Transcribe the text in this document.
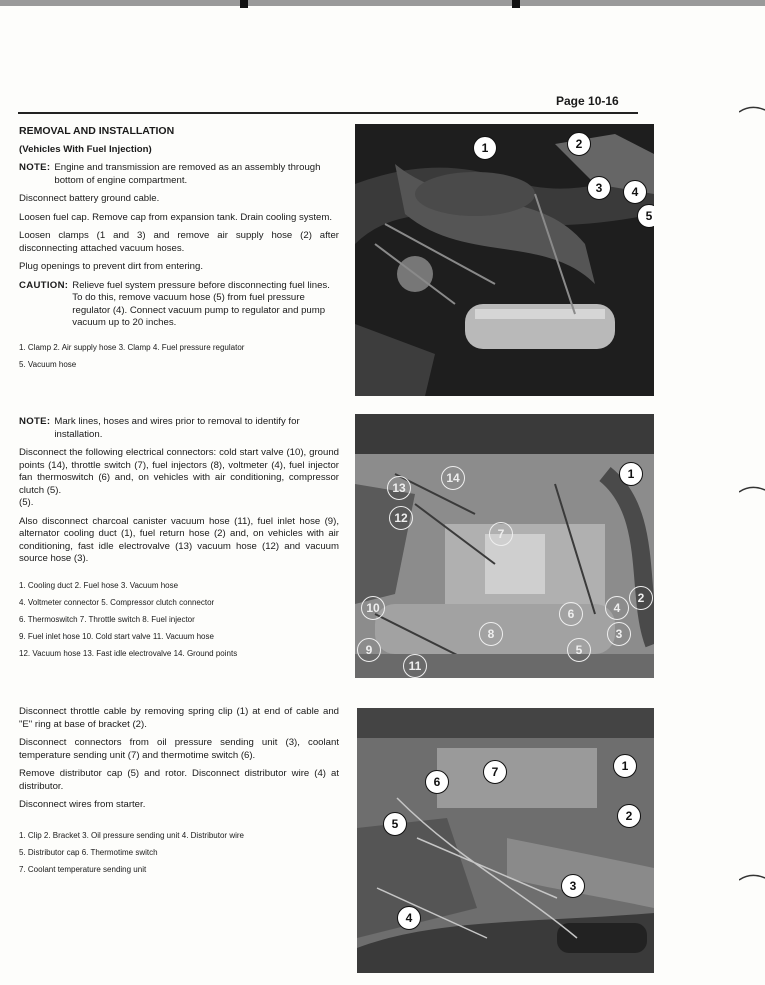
Page 10-16

REMOVAL AND INSTALLATION

(Vehicles With Fuel Injection)

NOTE: Engine and transmission are removed as an assembly through bottom of engine compartment.

Disconnect battery ground cable.

Loosen fuel cap. Remove cap from expansion tank. Drain cooling system.

Loosen clamps (1 and 3) and remove air supply hose (2) after disconnecting attached vacuum hoses.

Plug openings to prevent dirt from entering.

CAUTION: Relieve fuel system pressure before disconnecting fuel lines. To do this, remove vacuum hose (5) from fuel pressure regulator (4). Connect vacuum pump to regulator and pump vacuum up to 20 inches.

1. Clamp 2. Air supply hose 3. Clamp 4. Fuel pressure regulator

5. Vacuum hose

NOTE: Mark lines, hoses and wires prior to removal to identify for installation.

Disconnect the following electrical connectors: cold start valve (10), ground points (14), throttle switch (7), fuel injectors (8), voltmeter (4), fuel injector fan thermoswitch (6) and, on vehicles with air conditioning, compressor clutch (5).

(5).

Also disconnect charcoal canister vacuum hose (11), fuel inlet hose (9), alternator cooling duct (1), fuel return hose (2) and, on vehicles with air conditioning, fast idle electrovalve (13) vacuum hose (12) and vacuum source hose (3).

1. Cooling duct 2. Fuel hose 3. Vacuum hose

4. Voltmeter connector 5. Compressor clutch connector

6. Thermoswitch 7. Throttle switch 8. Fuel injector

9. Fuel inlet hose 10. Cold start valve 11. Vacuum hose

12. Vacuum hose 13. Fast idle electrovalve 14. Ground points

Disconnect throttle cable by removing spring clip (1) at end of cable and "E" ring at base of bracket (2).

Disconnect connectors from oil pressure sending unit (3), coolant temperature sending unit (7) and thermotime switch (6).

Remove distributor cap (5) and rotor. Disconnect distributor wire (4) at distributor.

Disconnect wires from starter.

1. Clip 2. Bracket 3. Oil pressure sending unit 4. Distributor wire

5. Distributor cap 6. Thermotime switch

7. Coolant temperature sending unit

1	2
3	4
5
1
2
3
4
5
6
7
8
9
10
11
12
13
14
1
2
3
4
5
6
7
